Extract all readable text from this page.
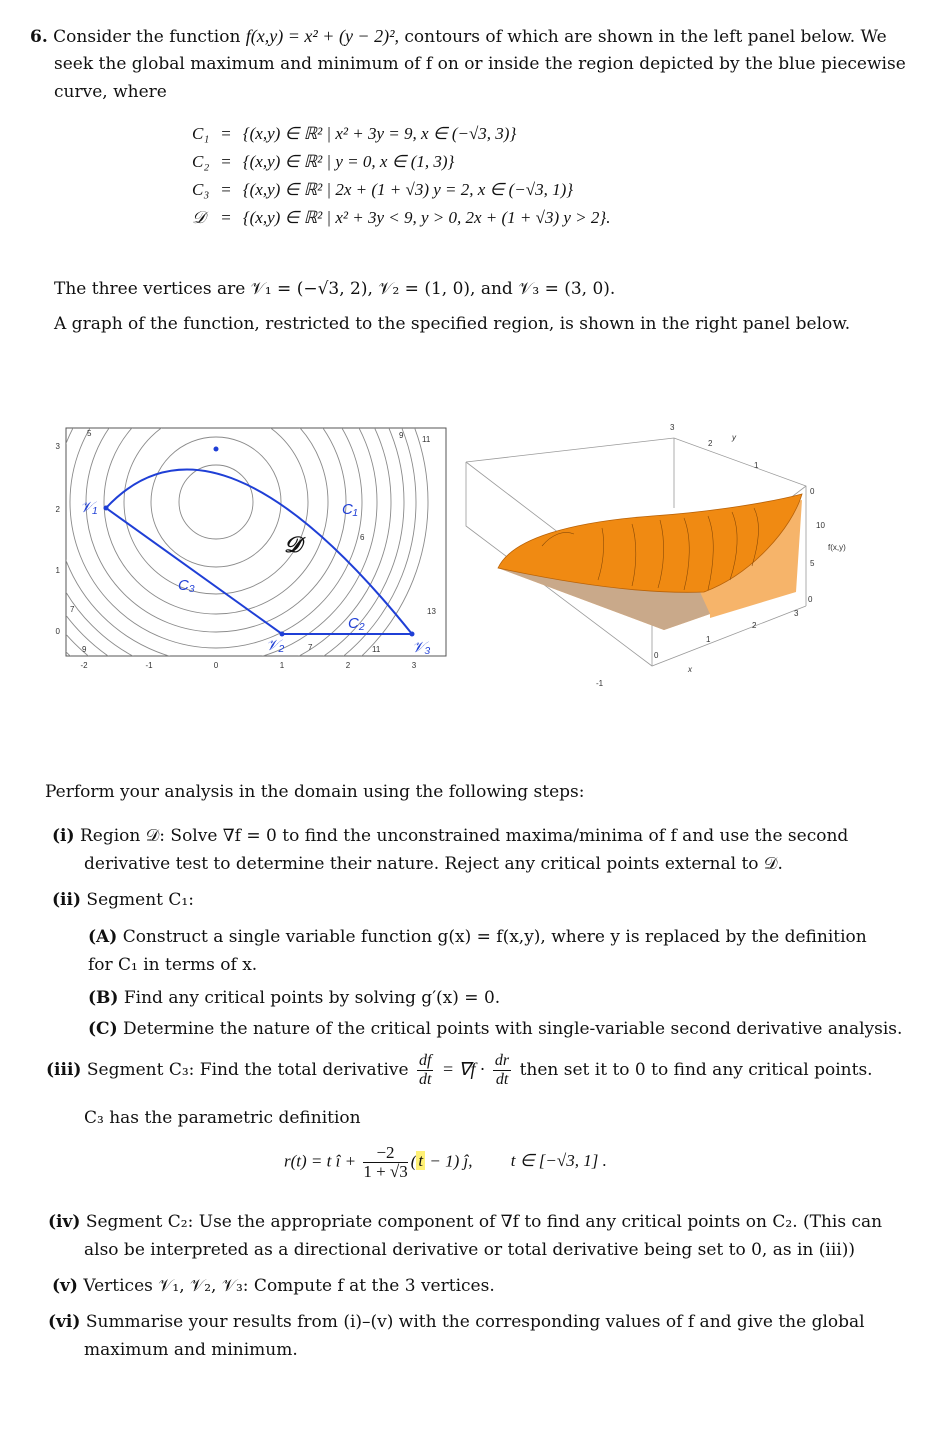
6. Consider the function f(x,y) = x² + (y − 2)², contours of which are shown in the left panel below. We
seek the global maximum and minimum of f on or inside the region depicted by the blue piecewise
curve, where
C₁	=	{(x,y) ∈ ℝ² | x² + 3y = 9, x ∈ (−√3, 3)}
C₂	=	{(x,y) ∈ ℝ² | y = 0, x ∈ (1, 3)}
C₃	=	{(x,y) ∈ ℝ² | 2x + (1 + √3) y = 2, x ∈ (−√3, 1)}
𝒟	=	{(x,y) ∈ ℝ² | x² + 3y < 9, y > 0, 2x + (1 + √3) y > 2}.
The three vertices are 𝒱₁ = (−√3, 2), 𝒱₂ = (1, 0), and 𝒱₃ = (3, 0).
A graph of the function, restricted to the specified region, is shown in the right panel below.
5
9	11
7
9
6
13
7
11
𝒱₁
𝒱₂	𝒱₃
C₁
C₂
C₃
𝒟
-2	-1	0	1	2	3
0
1
2
3
3
2
1
y
0
10
5
0
f(x,y)
-1
0
1
2
3
x
Perform your analysis in the domain using the following steps:
(i) Region 𝒟: Solve ∇f = 0 to find the unconstrained maxima/minima of f and use the second
derivative test to determine their nature. Reject any critical points external to 𝒟.
(ii) Segment C₁:
(A) Construct a single variable function g(x) = f(x,y), where y is replaced by the definition for C₁ in terms of x.
(B) Find any critical points by solving g′(x) = 0.
(C) Determine the nature of the critical points with single-variable second derivative analysis.
(iii) Segment C₃: Find the total derivative $\frac{df}{dt} = \nabla f \cdot \frac{dr}{dt}$ then set it to 0 to find any critical points.
C₃ has the parametric definition
r(t) = t î + $\frac{-2}{1 + √3}$ ( t − 1) ĵ, t ∈ [−√3, 1] .
(iv) Segment C₂: Use the appropriate component of ∇f to find any critical points on C₂. (This can
also be interpreted as a directional derivative or total derivative being set to 0, as in (iii))
(v) Vertices 𝒱₁, 𝒱₂, 𝒱₃: Compute f at the 3 vertices.
(vi) Summarise your results from (i)–(v) with the corresponding values of f and give the global
maximum and minimum.
